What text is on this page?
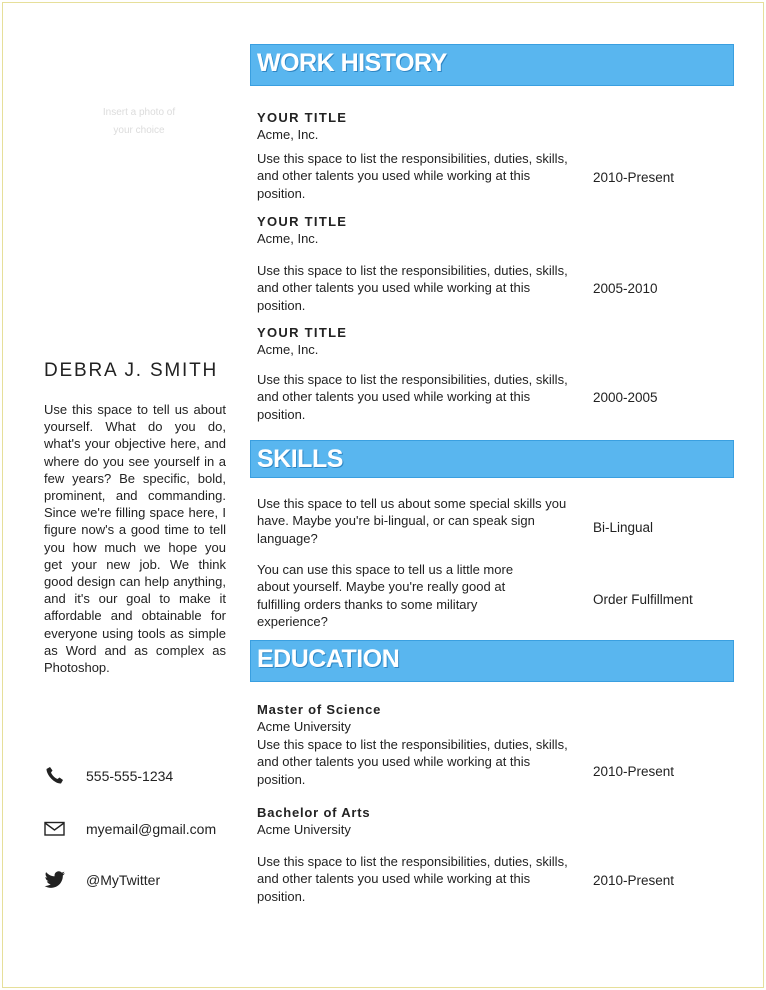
Insert a photo of your choice
DEBRA J. SMITH
Use this space to tell us about yourself. What do you do, what's your objective here, and where do you see yourself in a few years? Be specific, bold, prominent, and commanding. Since we're filling space here, I figure now's a good time to tell you how much we hope you get your new job. We think good design can help anything, and it's our goal to make it affordable and obtainable for everyone using tools as simple as Word and as complex as Photoshop.
555-555-1234
myemail@gmail.com
@MyTwitter
WORK HISTORY
YOUR TITLE
Acme, Inc.
Use this space to list the responsibilities, duties, skills, and other talents you used while working at this position.
2010-Present
YOUR TITLE
Acme, Inc.
Use this space to list the responsibilities, duties, skills, and other talents you used while working at this position.
2005-2010
YOUR TITLE
Acme, Inc.
Use this space to list the responsibilities, duties, skills, and other talents you used while working at this position.
2000-2005
SKILLS
Use this space to tell us about some special skills you have. Maybe you're bi-lingual, or can speak sign language?
Bi-Lingual
You can use this space to tell us a little more about yourself. Maybe you're really good at fulfilling orders thanks to some military experience?
Order Fulfillment
EDUCATION
Master of Science
Acme University
Use this space to list the responsibilities, duties, skills, and other talents you used while working at this position.
2010-Present
Bachelor of Arts
Acme University
Use this space to list the responsibilities, duties, skills, and other talents you used while working at this position.
2010-Present
